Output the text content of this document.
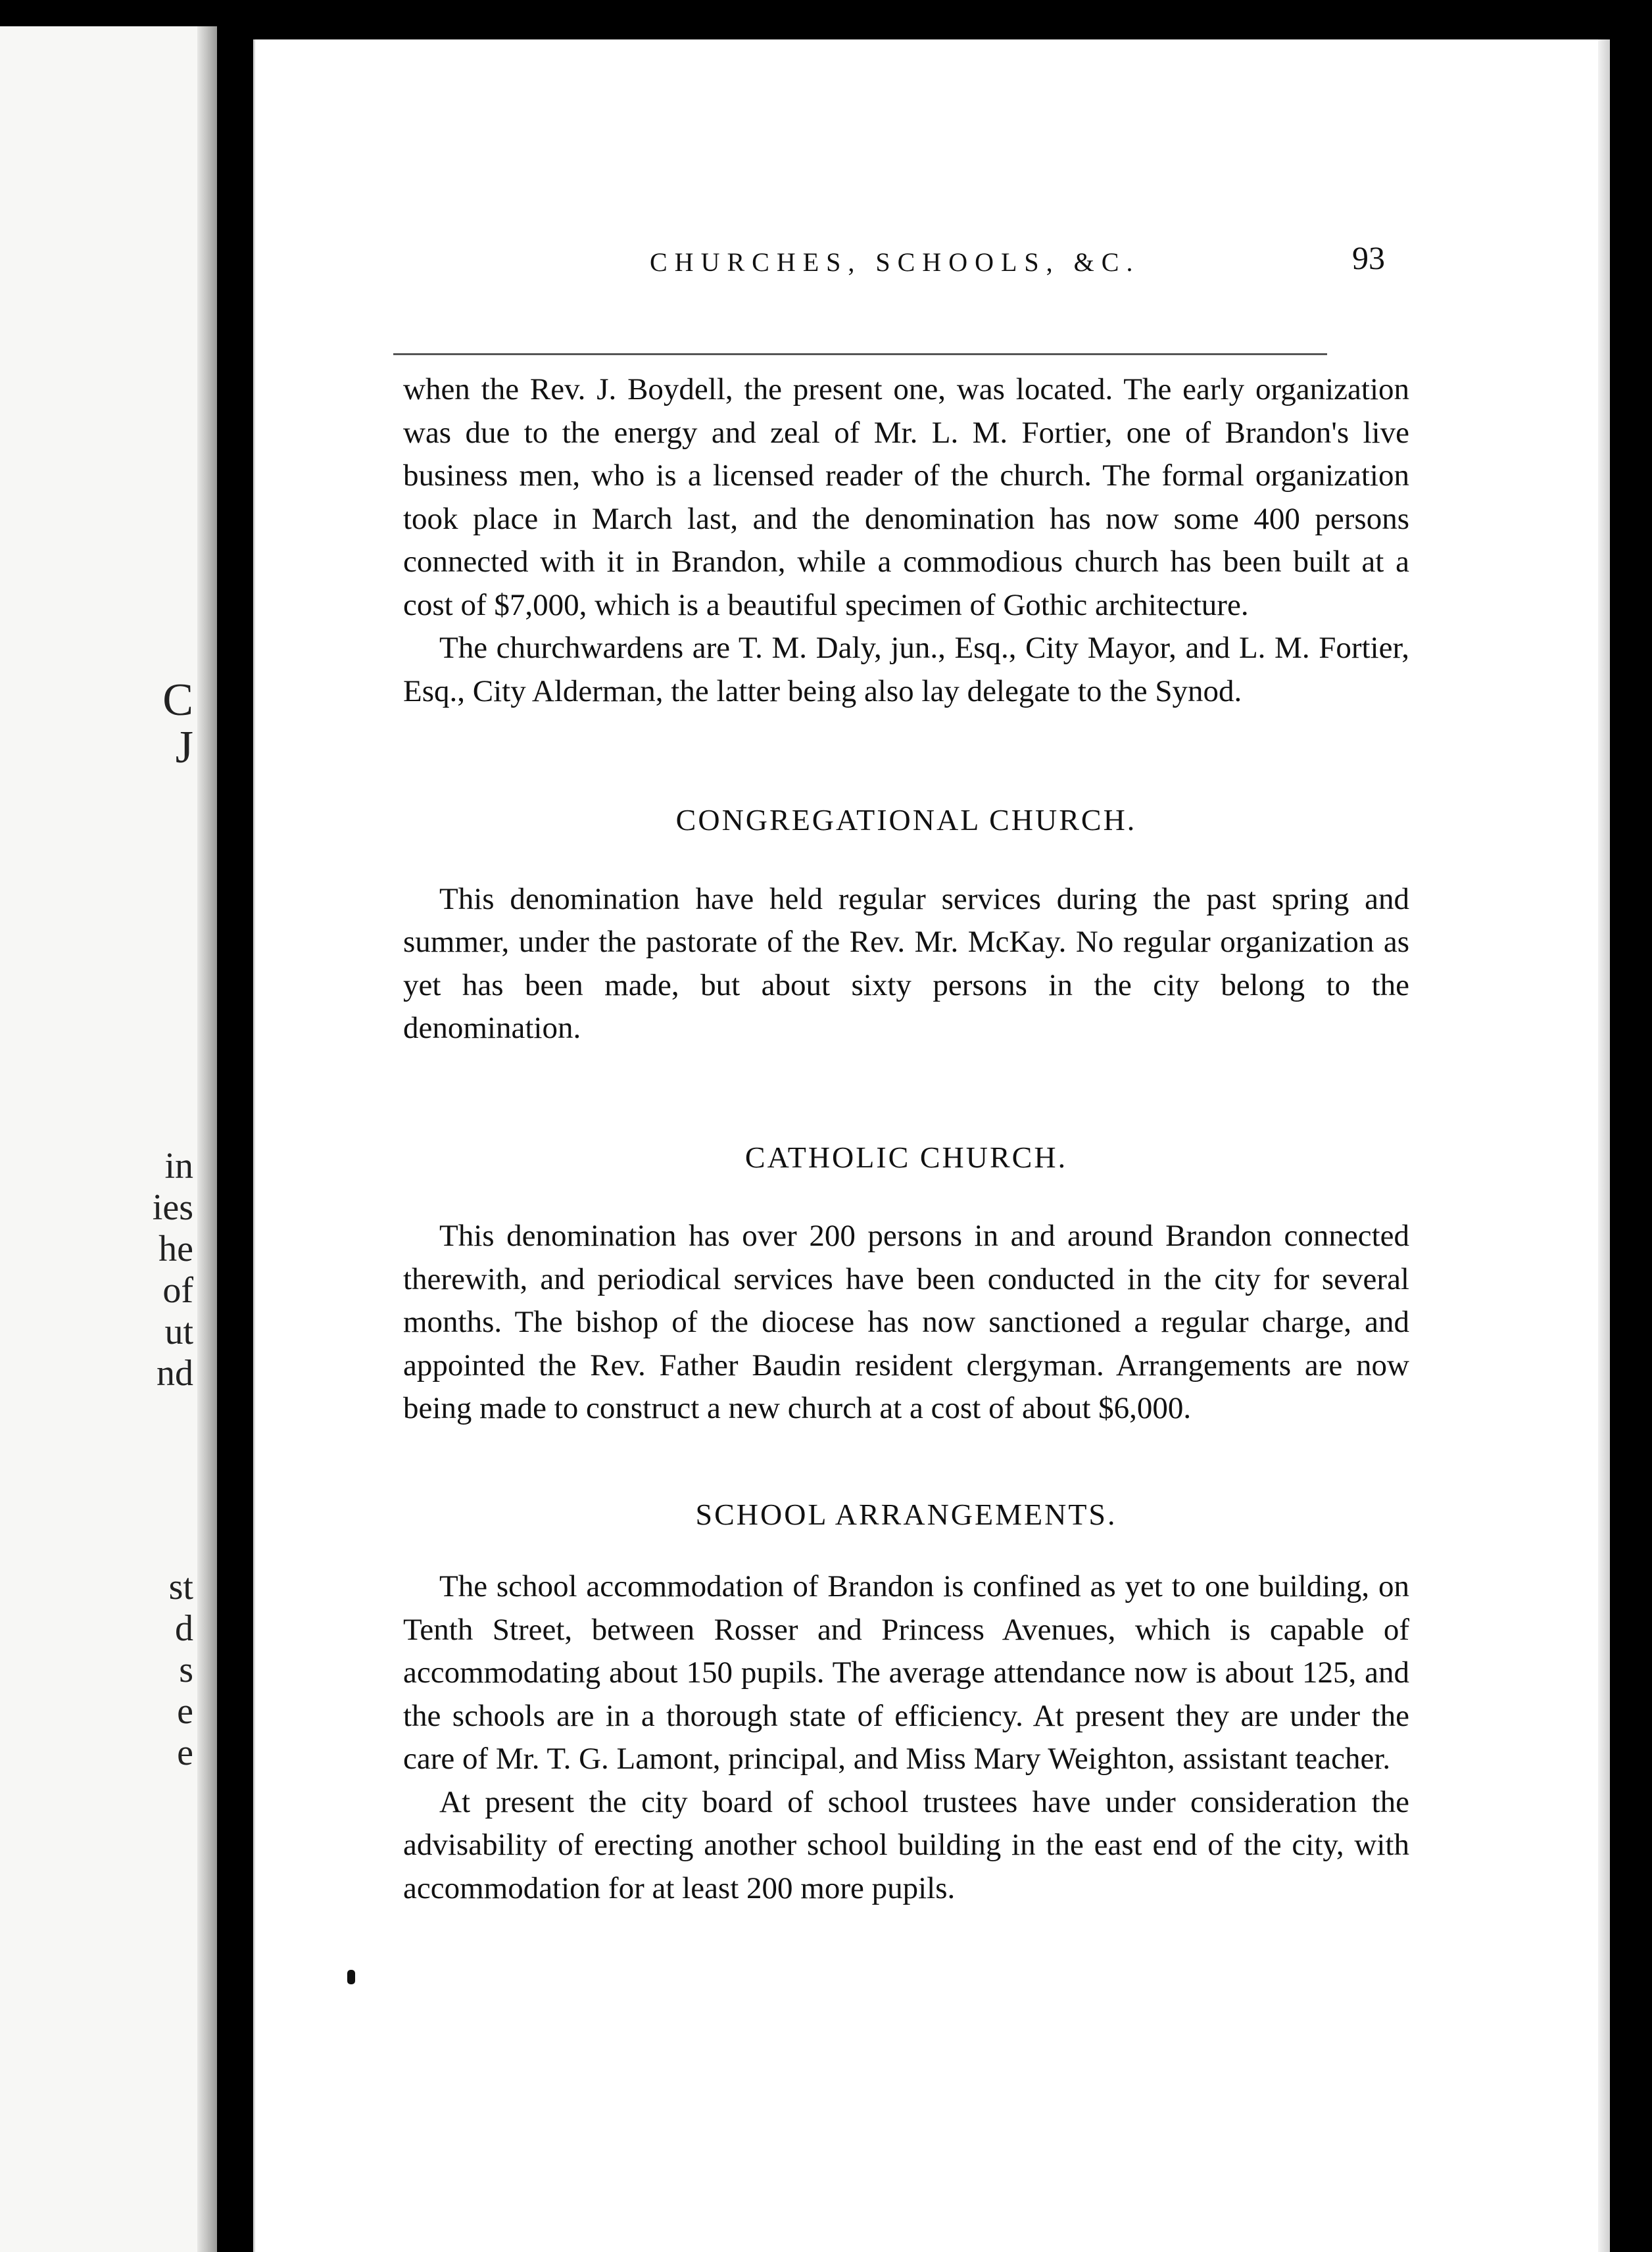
C
J
in
ies
he
of
ut
nd
st
d
s
e
e
CHURCHES, SCHOOLS, &C.	93

when the Rev. J. Boydell, the present one, was located. The early organization was due to the energy and zeal of Mr. L. M. Fortier, one of Brandon's live business men, who is a licensed reader of the church. The formal organization took place in March last, and the denomination has now some 400 persons connected with it in Brandon, while a commodious church has been built at a cost of $7,000, which is a beautiful specimen of Gothic architecture.

The churchwardens are T. M. Daly, jun., Esq., City Mayor, and L. M. Fortier, Esq., City Alderman, the latter being also lay delegate to the Synod.

CONGREGATIONAL CHURCH.

This denomination have held regular services during the past spring and summer, under the pastorate of the Rev. Mr. McKay. No regular organization as yet has been made, but about sixty persons in the city belong to the denomination.

CATHOLIC CHURCH.

This denomination has over 200 persons in and around Brandon connected therewith, and periodical services have been conducted in the city for several months. The bishop of the diocese has now sanctioned a regular charge, and appointed the Rev. Father Baudin resident clergyman. Arrangements are now being made to construct a new church at a cost of about $6,000.

SCHOOL ARRANGEMENTS.

The school accommodation of Brandon is confined as yet to one building, on Tenth Street, between Rosser and Princess Avenues, which is capable of accommodating about 150 pupils. The average attendance now is about 125, and the schools are in a thorough state of efficiency. At present they are under the care of Mr. T. G. Lamont, principal, and Miss Mary Weighton, assistant teacher.

At present the city board of school trustees have under consideration the advisability of erecting another school building in the east end of the city, with accommodation for at least 200 more pupils.
